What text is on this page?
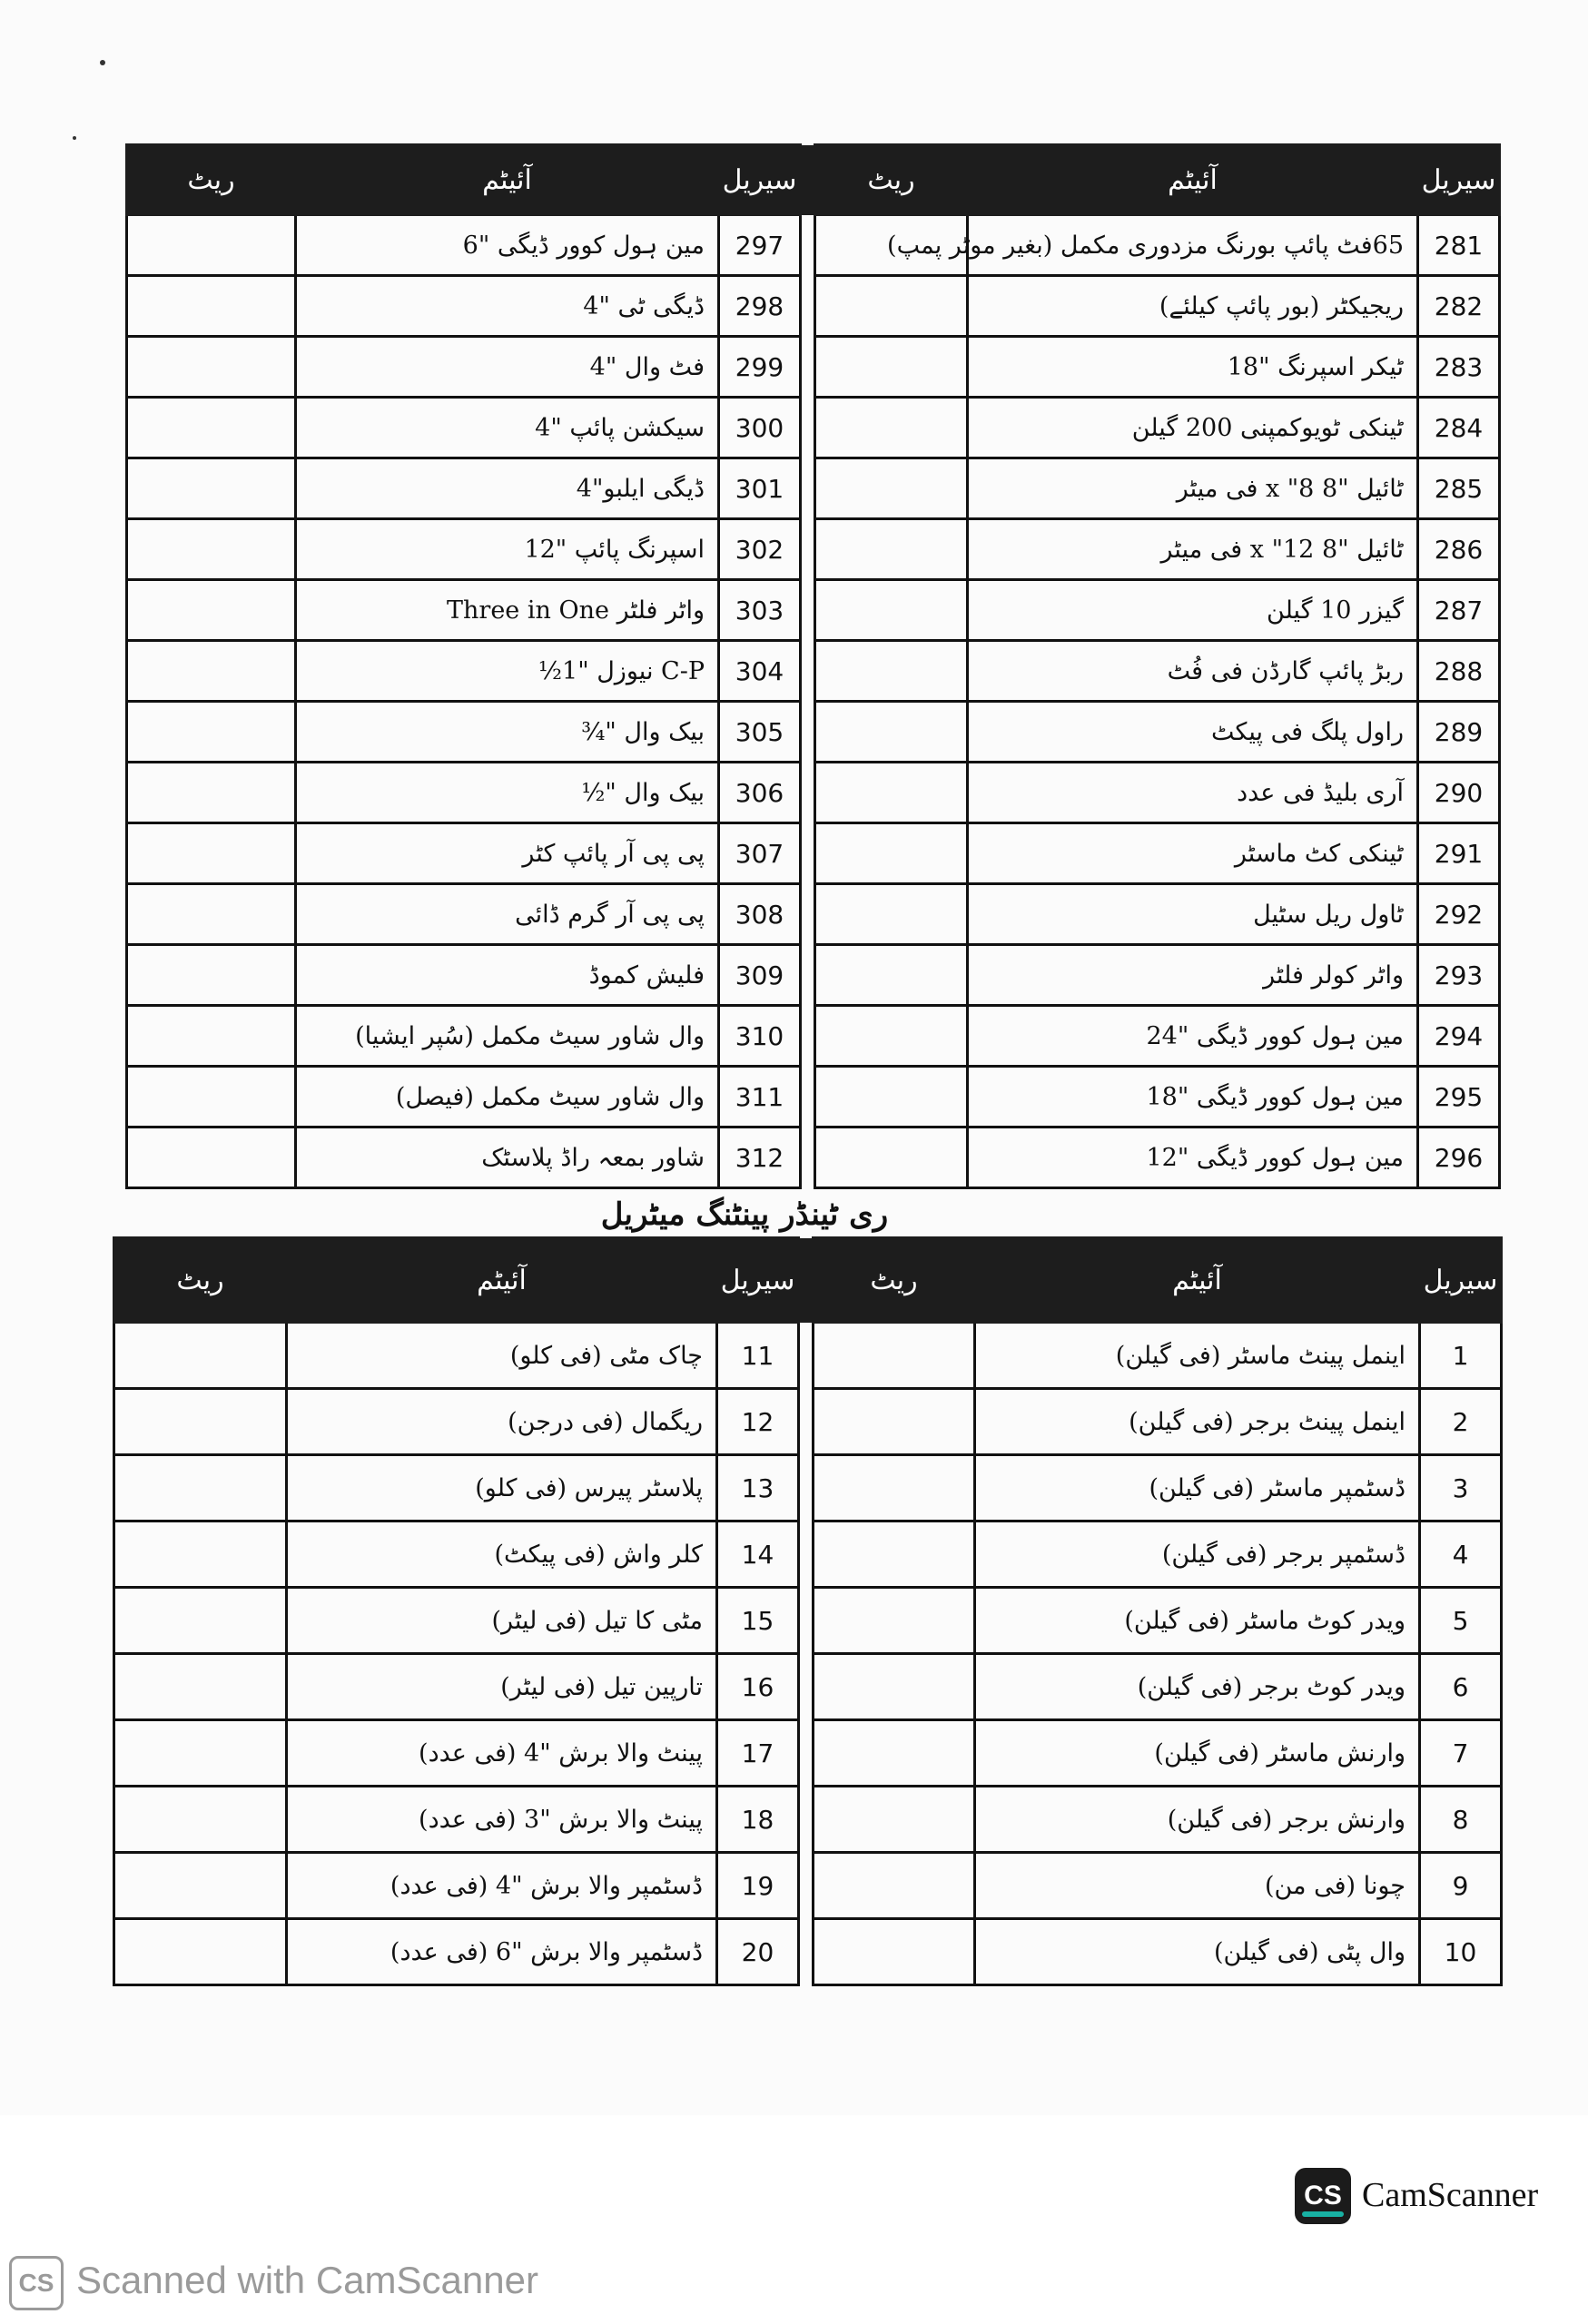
سیریل	آئیٹم	ریٹ		سیریل	آئیٹم	ریٹ
281	65فٹ پائپ بورنگ مزدوری مکمل (بغیر موٹر پمپ)			297	مین ہول کوور ڈیگی "6	
282	ریجیکٹر (بور پائپ کیلئے)			298	ڈیگی ٹی "4	
283	ٹیکر اسپرنگ "18			299	فٹ وال "4	
284	ٹینکی ٹویوکمپنی 200 گیلن			300	سیکشن پائپ "4	
285	ٹائیل "8 x "8 فی میٹر			301	ڈیگی ایلبو"4	
286	ٹائیل "8 x "12 فی میٹر			302	اسپرنگ پائپ "12	
287	گیزر 10 گیلن			303	واٹر فلٹر Three in One	
288	ربڑ پائپ گارڈن فی فُٹ			304	C-P نیوزل "1½	
289	راول پلگ فی پیکٹ			305	بیک وال "¾	
290	آری بلیڈ فی عدد			306	بیک وال "½	
291	ٹینکی کٹ ماسٹر			307	پی پی آر پائپ کٹر	
292	ٹاول ریل سٹیل			308	پی پی آر گرم ڈائی	
293	واٹر کولر فلٹر			309	فلیش کموڈ	
294	مین ہول کوور ڈیگی "24			310	وال شاور سیٹ مکمل (سُپر ایشیا)	
295	مین ہول کوور ڈیگی "18			311	وال شاور سیٹ مکمل (فیصل)	
296	مین ہول کوور ڈیگی "12			312	شاور بمعہ راڈ پلاسٹک	
ری ٹینڈر پینٹنگ میٹریل
سیریل	آئیٹم	ریٹ		سیریل	آئیٹم	ریٹ
1	اینمل پینٹ ماسٹر (فی گیلن)			11	چاک مٹی (فی کلو)	
2	اینمل پینٹ برجر (فی گیلن)			12	ریگمال (فی درجن)	
3	ڈسٹمپر ماسٹر (فی گیلن)			13	پلاسٹر پیرس (فی کلو)	
4	ڈسٹمپر برجر (فی گیلن)			14	کلر واش (فی پیکٹ)	
5	ویدر کوٹ ماسٹر (فی گیلن)			15	مٹی کا تیل (فی لیٹر)	
6	ویدر کوٹ برجر (فی گیلن)			16	تارپین تیل (فی لیٹر)	
7	وارنش ماسٹر (فی گیلن)			17	پینٹ والا برش "4 (فی عدد)	
8	وارنش برجر (فی گیلن)			18	پینٹ والا برش "3 (فی عدد)	
9	چونا (فی من)			19	ڈسٹمپر والا برش "4 (فی عدد)	
10	وال پٹی (فی گیلن)			20	ڈسٹمپر والا برش "6 (فی عدد)	
CS CamScanner
CS Scanned with CamScanner
